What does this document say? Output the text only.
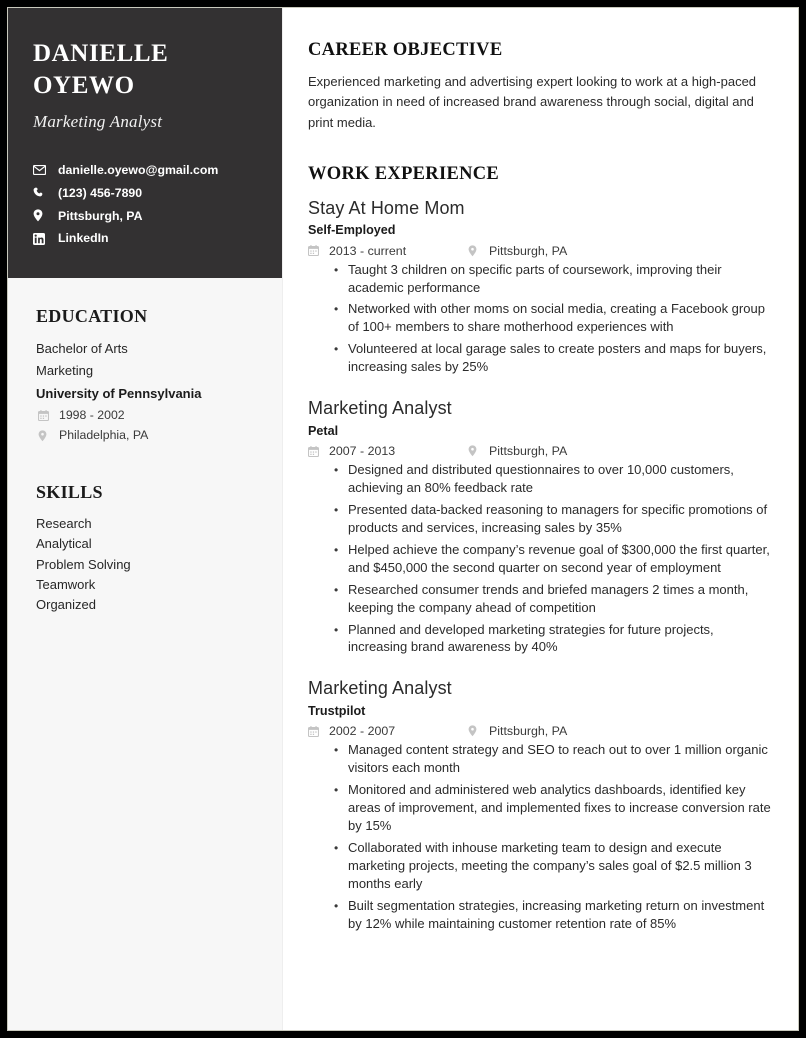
DANIELLE
OYEWO
Marketing Analyst
danielle.oyewo@gmail.com
(123) 456-7890
Pittsburgh, PA
LinkedIn
EDUCATION
Bachelor of Arts
Marketing
University of Pennsylvania
1998 - 2002
Philadelphia, PA
SKILLS
Research
Analytical
Problem Solving
Teamwork
Organized
CAREER OBJECTIVE

Experienced marketing and advertising expert looking to work at a high-paced organization in need of increased brand awareness through social, digital and print media.

WORK EXPERIENCE
Stay At Home Mom
Self-Employed
2013 - current	Pittsburgh, PA
• Taught 3 children on specific parts of coursework, improving their academic performance
• Networked with other moms on social media, creating a Facebook group of 100+ members to share motherhood experiences with
• Volunteered at local garage sales to create posters and maps for buyers, increasing sales by 25%
Marketing Analyst
Petal
2007 - 2013	Pittsburgh, PA
• Designed and distributed questionnaires to over 10,000 customers, achieving an 80% feedback rate
• Presented data-backed reasoning to managers for specific promotions of products and services, increasing sales by 35%
• Helped achieve the company’s revenue goal of $300,000 the first quarter, and $450,000 the second quarter on second year of employment
• Researched consumer trends and briefed managers 2 times a month, keeping the company ahead of competition
• Planned and developed marketing strategies for future projects, increasing brand awareness by 40%
Marketing Analyst
Trustpilot
2002 - 2007	Pittsburgh, PA
• Managed content strategy and SEO to reach out to over 1 million organic visitors each month
• Monitored and administered web analytics dashboards, identified key areas of improvement, and implemented fixes to increase conversion rate by 15%
• Collaborated with inhouse marketing team to design and execute marketing projects, meeting the company’s sales goal of $2.5 million 3 months early
• Built segmentation strategies, increasing marketing return on investment by 12% while maintaining customer retention rate of 85%
